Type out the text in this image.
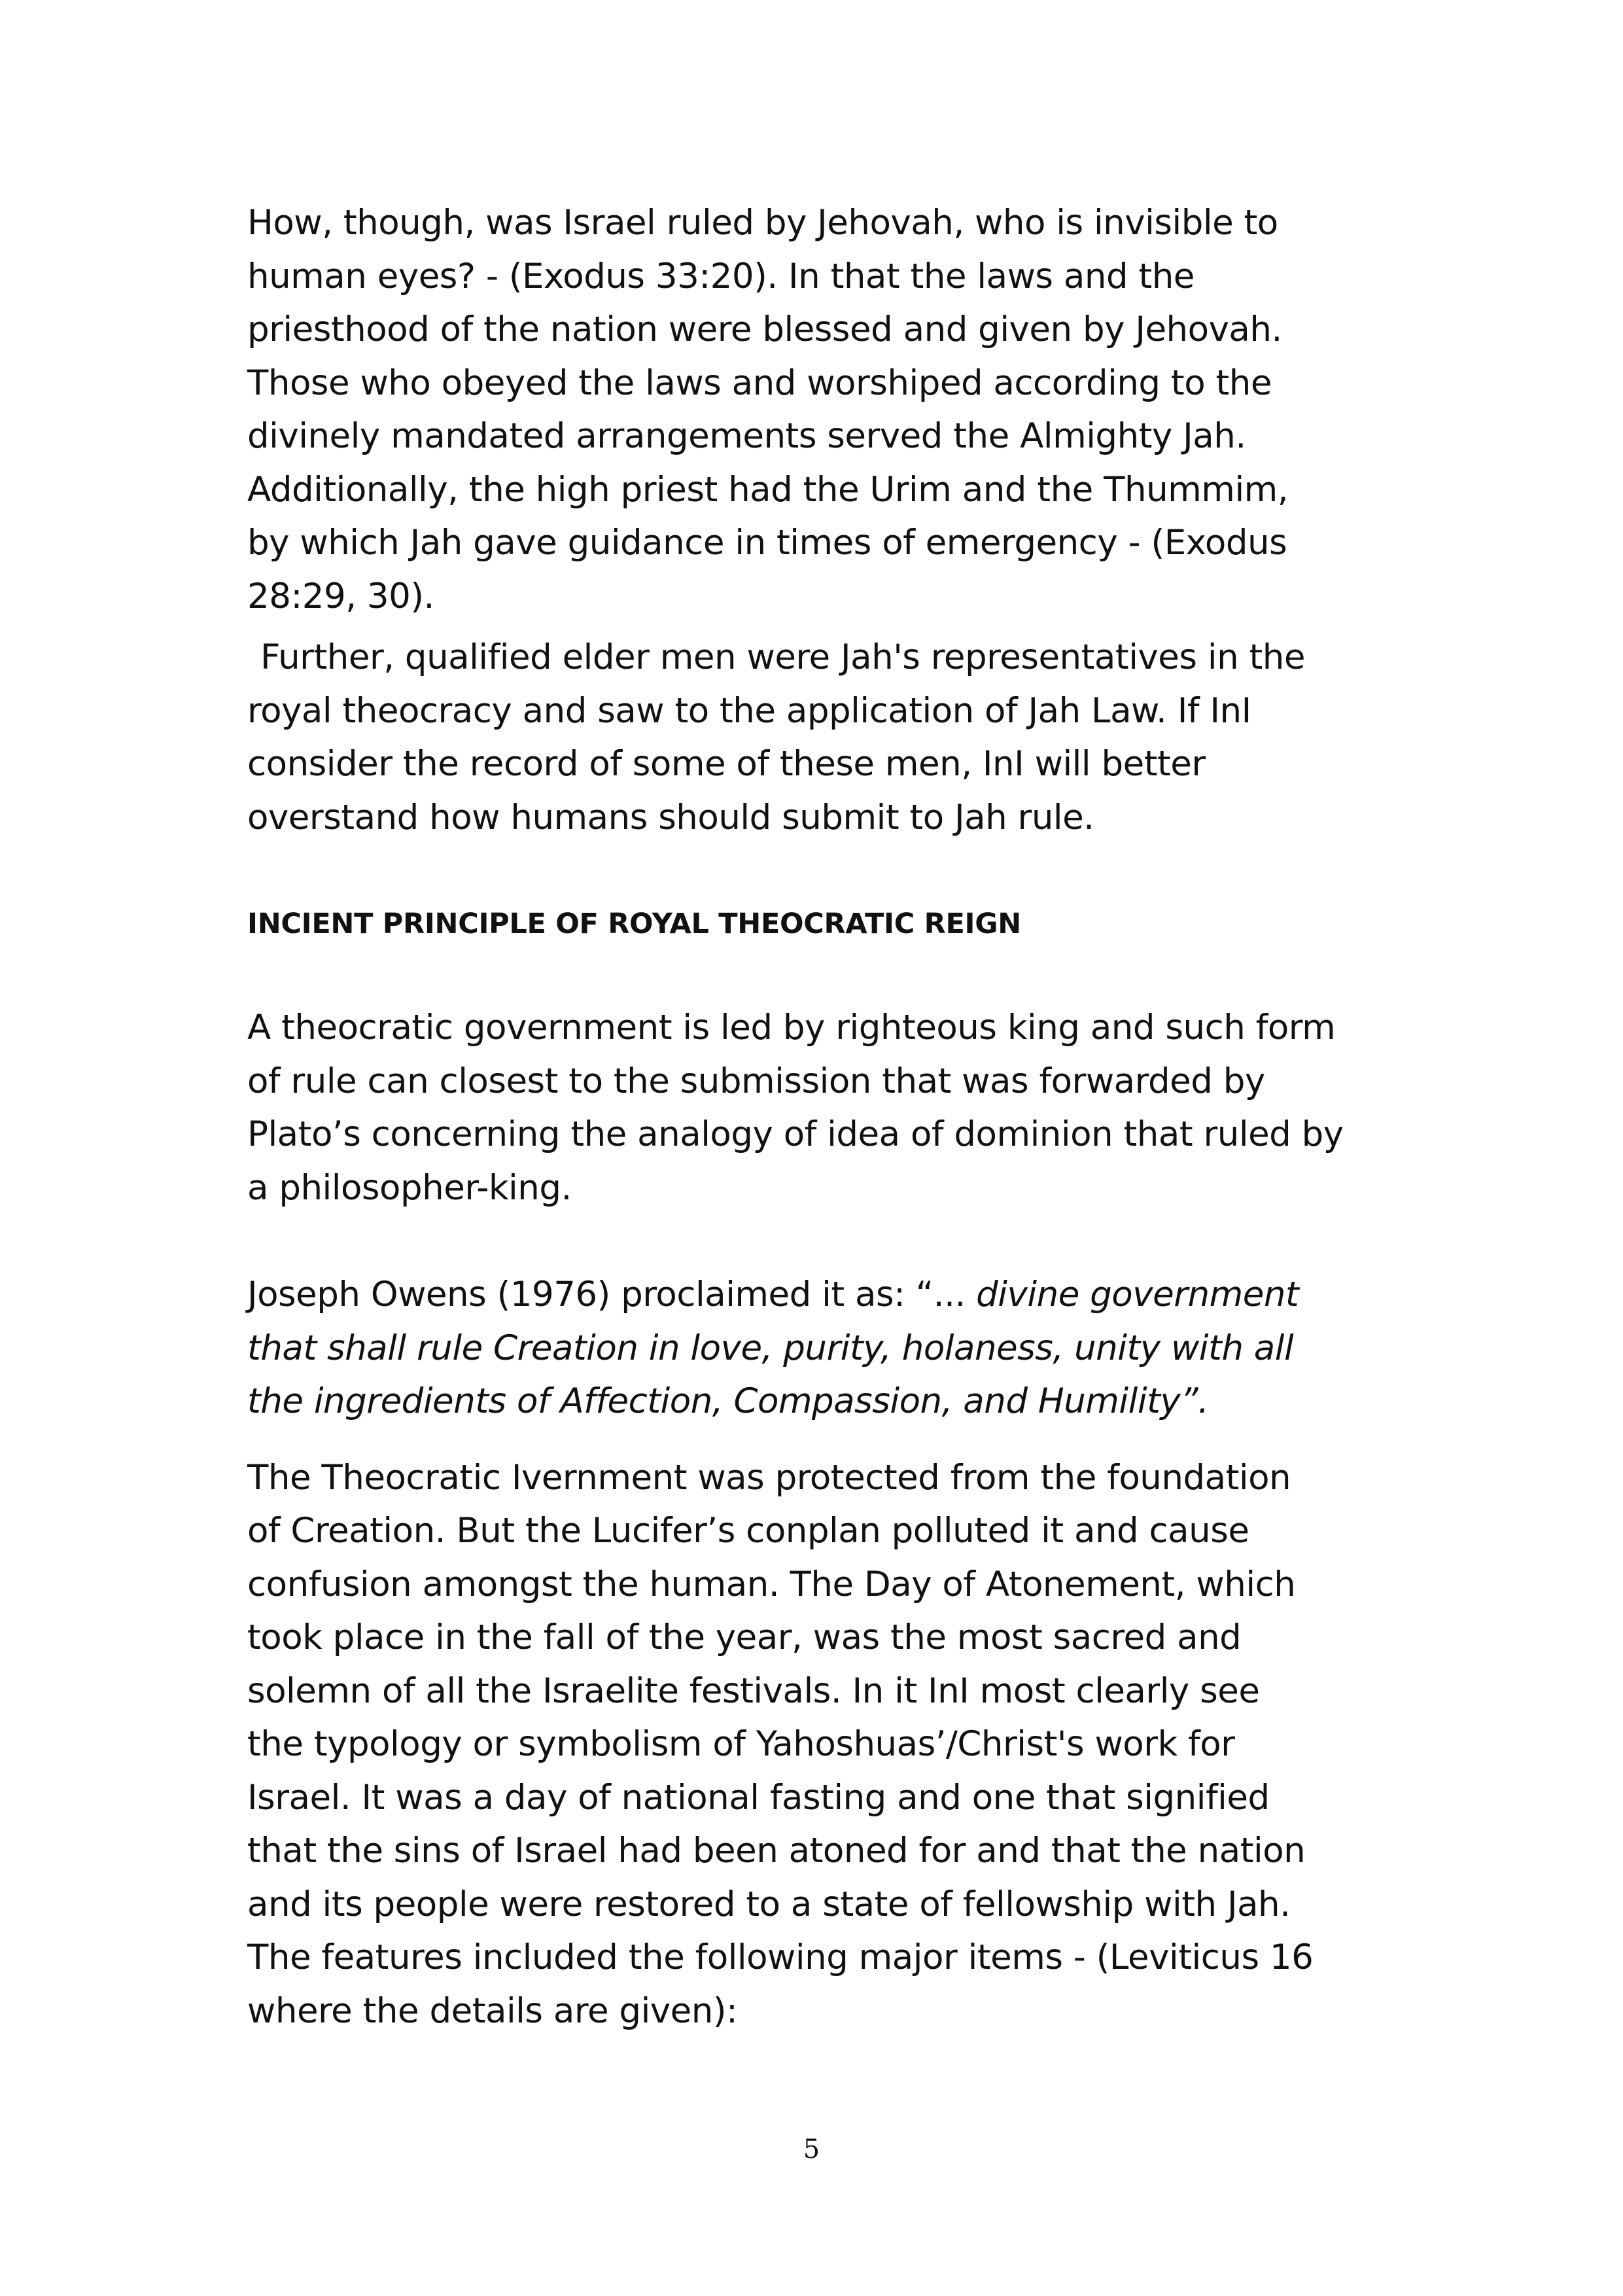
How, though, was Israel ruled by Jehovah, who is invisible to
human eyes? - (Exodus 33:20). In that the laws and the
priesthood of the nation were blessed and given by Jehovah.
Those who obeyed the laws and worshiped according to the
divinely mandated arrangements served the Almighty Jah.
Additionally, the high priest had the Urim and the Thummim,
by which Jah gave guidance in times of emergency - (Exodus
28:29, 30).

Further, qualified elder men were Jah's representatives in the
royal theocracy and saw to the application of Jah Law. If InI
consider the record of some of these men, InI will better
overstand how humans should submit to Jah rule.

INCIENT PRINCIPLE OF ROYAL THEOCRATIC REIGN

A theocratic government is led by righteous king and such form
of rule can closest to the submission that was forwarded by
Plato’s concerning the analogy of idea of dominion that ruled by
a philosopher-king.

Joseph Owens (1976) proclaimed it as: “... divine government
that shall rule Creation in love, purity, holaness, unity with all
the ingredients of Affection, Compassion, and Humility”.

The Theocratic Ivernment was protected from the foundation
of Creation. But the Lucifer’s conplan polluted it and cause
confusion amongst the human. The Day of Atonement, which
took place in the fall of the year, was the most sacred and
solemn of all the Israelite festivals. In it InI most clearly see
the typology or symbolism of Yahoshuas’/Christ's work for
Israel. It was a day of national fasting and one that signified
that the sins of Israel had been atoned for and that the nation
and its people were restored to a state of fellowship with Jah.
The features included the following major items - (Leviticus 16
where the details are given):

5
